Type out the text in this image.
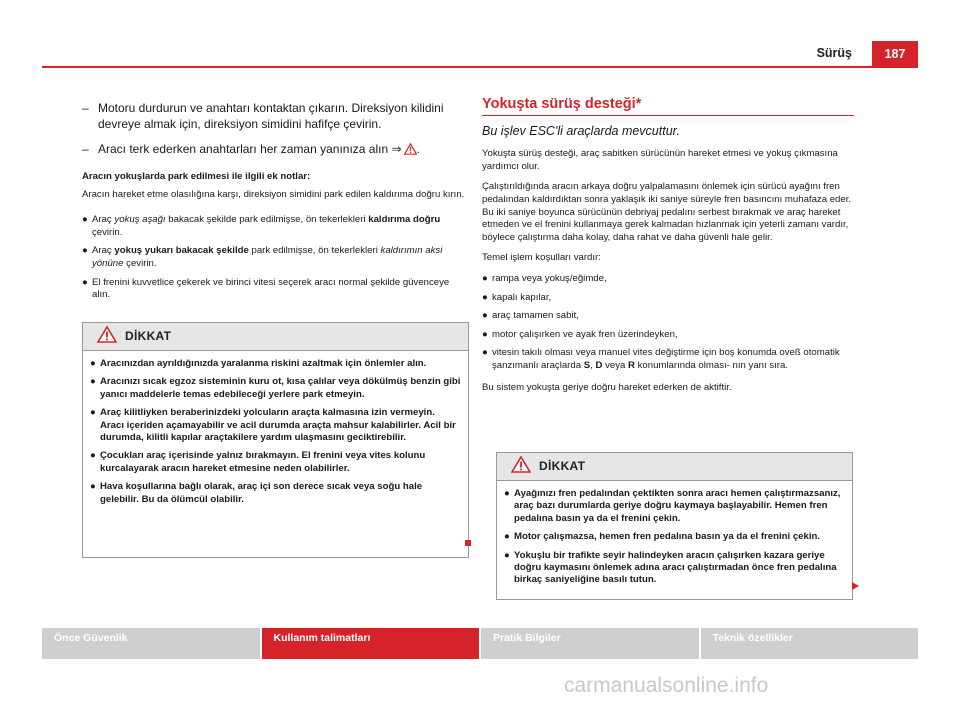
Sürüş	187
– Motoru durdurun ve anahtarı kontaktan çıkarın. Direksiyon kilidini devreye almak için, direksiyon simidini hafifçe çevirin.
– Aracı terk ederken anahtarları her zaman yanınıza alın ⇒ .

Aracın yokuşlarda park edilmesi ile ilgili ek notlar:

Aracın hareket etme olasılığına karşı, direksiyon simidini park edilen kaldırıma doğru kırın.

● Araç yokuş aşağı bakacak şekilde park edilmişse, ön tekerlekleri kaldırıma doğru çevirin.
● Araç yokuş yukarı bakacak şekilde park edilmişse, ön tekerlekleri kaldırımın aksi yönüne çevirin.
● El frenini kuvvetlice çekerek ve birinci vitesi seçerek aracı normal şekilde güvenceye alın.
DİKKAT
● Aracınızdan ayrıldığınızda yaralanma riskini azaltmak için önlemler alın.
● Aracınızı sıcak egzoz sisteminin kuru ot, kısa çalılar veya dökülmüş benzin gibi yanıcı maddelerle temas edebileceği yerlere park etmeyin.
● Araç kilitliyken beraberinizdeki yolcuların araçta kalmasına izin vermeyin. Aracı içeriden açamayabilir ve acil durumda araçta mahsur kalabilirler. Acil bir durumda, kilitli kapılar araçtakilere yardım ulaşmasını geciktirebilir.
● Çocukları araç içerisinde yalnız bırakmayın. El frenini veya vites kolunu kurcalayarak aracın hareket etmesine neden olabilirler.
● Hava koşullarına bağlı olarak, araç içi son derece sıcak veya soğu hale gelebilir. Bu da ölümcül olabilir.
Yokuşta sürüş desteği*
Bu işlev ESC'li araçlarda mevcuttur.

Yokuşta sürüş desteği, araç sabitken sürücünün hareket etmesi ve yokuş çıkmasına yardımcı olur.

Çalıştırıldığında aracın arkaya doğru yalpalamasını önlemek için sürücü ayağını fren pedalından kaldırdıktan sonra yaklaşık iki saniye süreyle fren basıncını muhafaza eder. Bu iki saniye boyunca sürücünün debriyaj pedalını serbest bırakmak ve araç hareket etmeden ve el frenini kullanmaya gerek kalmadan hızlanmak için yeterli zamanı vardır, böylece çalıştırma daha kolay, daha rahat ve daha güvenli hale gelir.

Temel işlem koşulları vardır:

● rampa veya yokuş/eğimde,
● kapalı kapılar,
● araç tamamen sabit,
● motor çalışırken ve ayak fren üzerindeyken,
● vitesin takılı olması veya manuel vites değiştirme için boş konumda oveß otomatik şanzımanlı araçlarda S, D veya R konumlarında olması- nın yanı sıra.

Bu sistem yokuşta geriye doğru hareket ederken de aktiftir.

DİKKAT
● Ayağınızı fren pedalından çektikten sonra aracı hemen çalıştırmazsanız, araç bazı durumlarda geriye doğru kaymaya başlayabilir. Hemen fren pedalına basın ya da el frenini çekin.
● Motor çalışmazsa, hemen fren pedalına basın ya da el frenini çekin.
● Yokuşlu bir trafikte seyir halindeyken aracın çalışırken kazara geriye doğru kaymasını önlemek adına aracı çalıştırmadan önce fren pedalına birkaç saniyeliğine basılı tutun.
Önce Güvenlik	Kullanım talimatları	Pratik Bilgiler	Teknik özellikler
carmanualsonline.info
